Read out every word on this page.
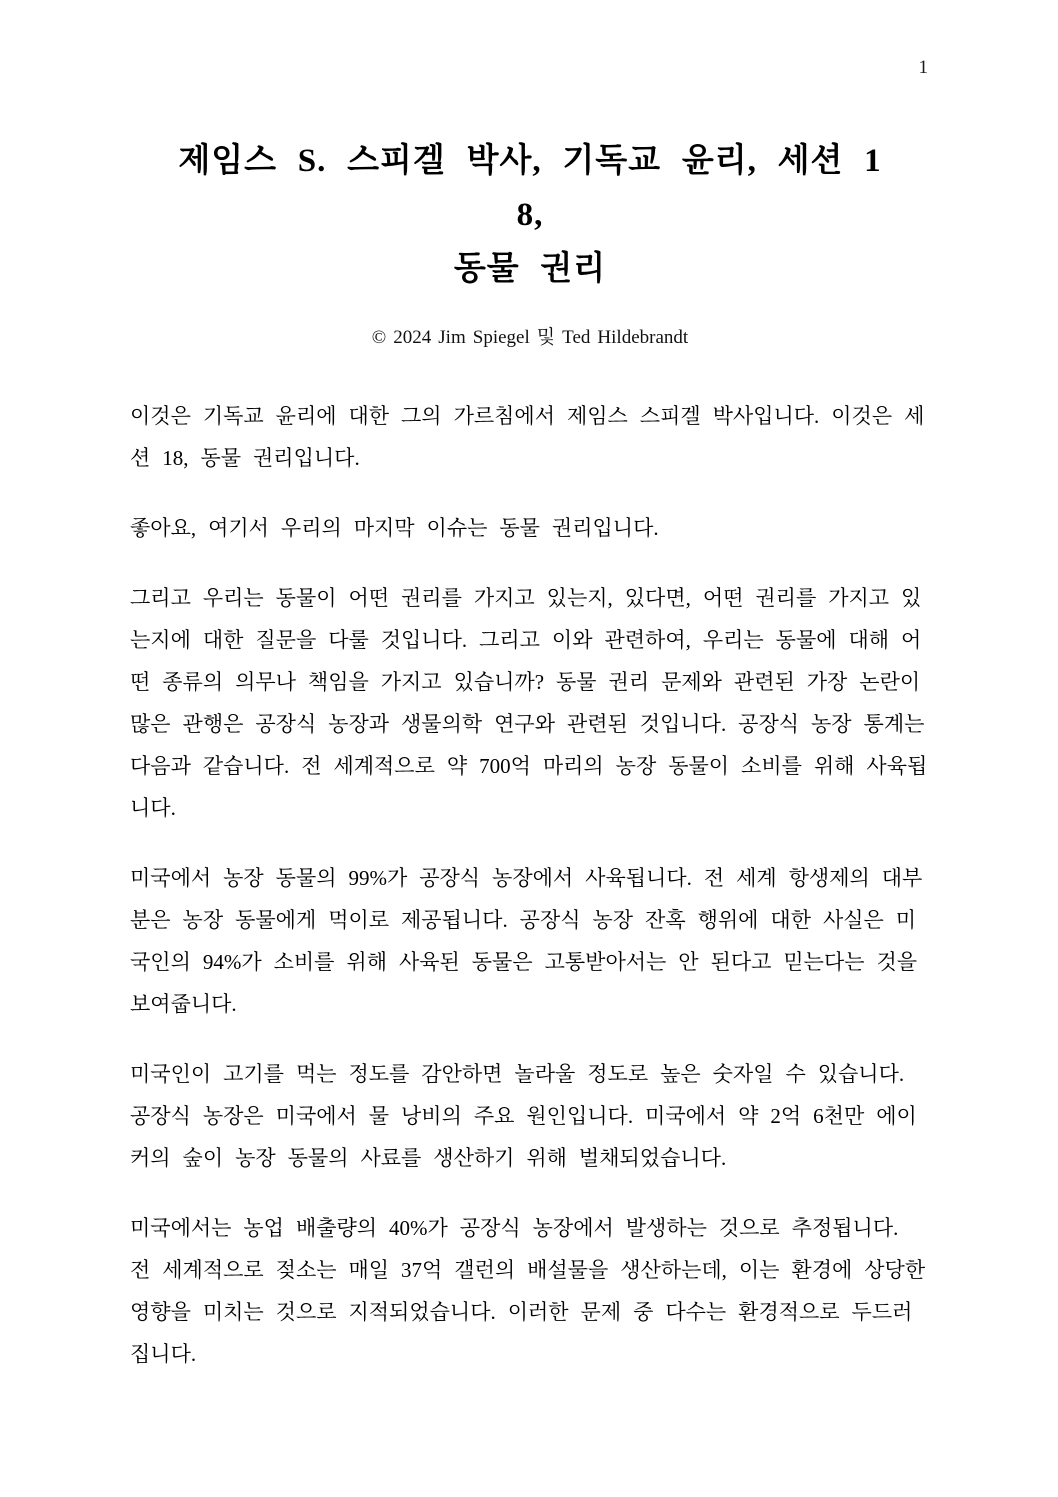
1
제임스 S. 스피겔 박사, 기독교 윤리, 세션 1
8,
동물 권리
© 2024 Jim Spiegel 및 Ted Hildebrandt

이것은 기독교 윤리에 대한 그의 가르침에서 제임스 스피겔 박사입니다. 이것은 세션 18, 동물 권리입니다.

좋아요, 여기서 우리의 마지막 이슈는 동물 권리입니다.

그리고 우리는 동물이 어떤 권리를 가지고 있는지, 있다면, 어떤 권리를 가지고 있는지에 대한 질문을 다룰 것입니다. 그리고 이와 관련하여, 우리는 동물에 대해 어떤 종류의 의무나 책임을 가지고 있습니까? 동물 권리 문제와 관련된 가장 논란이 많은 관행은 공장식 농장과 생물의학 연구와 관련된 것입니다. 공장식 농장 통계는 다음과 같습니다. 전 세계적으로 약 700억 마리의 농장 동물이 소비를 위해 사육됩니다.

미국에서 농장 동물의 99%가 공장식 농장에서 사육됩니다. 전 세계 항생제의 대부분은 농장 동물에게 먹이로 제공됩니다. 공장식 농장 잔혹 행위에 대한 사실은 미국인의 94%가 소비를 위해 사육된 동물은 고통받아서는 안 된다고 믿는다는 것을 보여줍니다.

미국인이 고기를 먹는 정도를 감안하면 놀라울 정도로 높은 숫자일 수 있습니다. 공장식 농장은 미국에서 물 낭비의 주요 원인입니다. 미국에서 약 2억 6천만 에이커의 숲이 농장 동물의 사료를 생산하기 위해 벌채되었습니다.

미국에서는 농업 배출량의 40%가 공장식 농장에서 발생하는 것으로 추정됩니다. 전 세계적으로 젖소는 매일 37억 갤런의 배설물을 생산하는데, 이는 환경에 상당한 영향을 미치는 것으로 지적되었습니다. 이러한 문제 중 다수는 환경적으로 두드러집니다.
